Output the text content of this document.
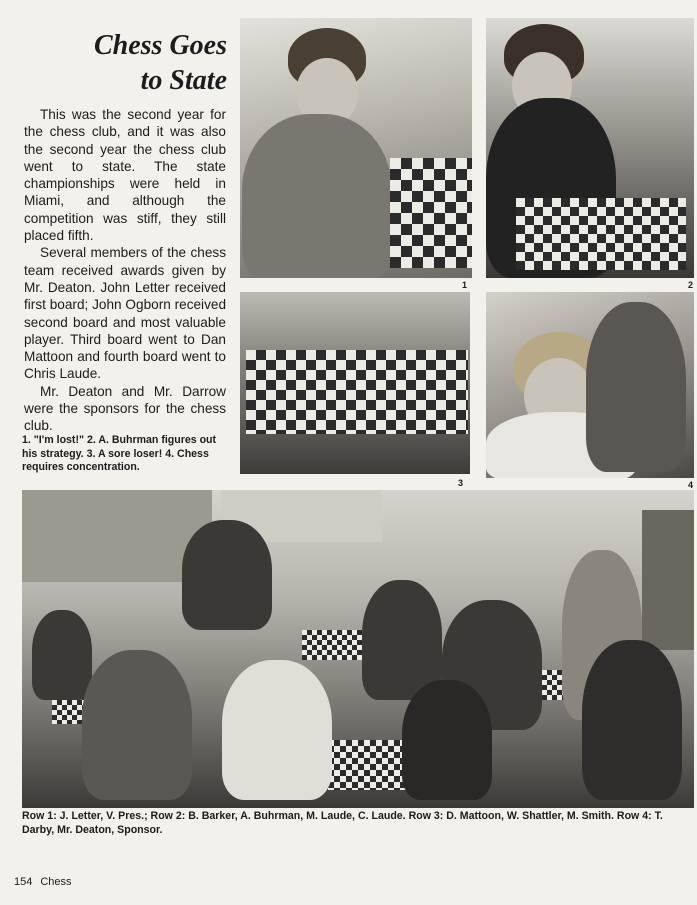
Chess Goes
to State

This was the second year for the chess club, and it was also the second year the chess club went to state. The state championships were held in Miami, and although the competition was stiff, they still placed fifth.

Several members of the chess team received awards given by Mr. Deaton. John Letter received first board; John Ogborn received second board and most valuable player. Third board went to Dan Mattoon and fourth board went to Chris Laude.

Mr. Deaton and Mr. Darrow were the sponsors for the chess club.

1. "I'm lost!" 2. A. Buhrman figures out his strategy. 3. A sore loser! 4. Chess requires concentration.
1	2
3	4
Row 1: J. Letter, V. Pres.; Row 2: B. Barker, A. Buhrman, M. Laude, C. Laude. Row 3: D. Mattoon, W. Shattler, M. Smith. Row 4: T. Darby, Mr. Deaton, Sponsor.
154 Chess
